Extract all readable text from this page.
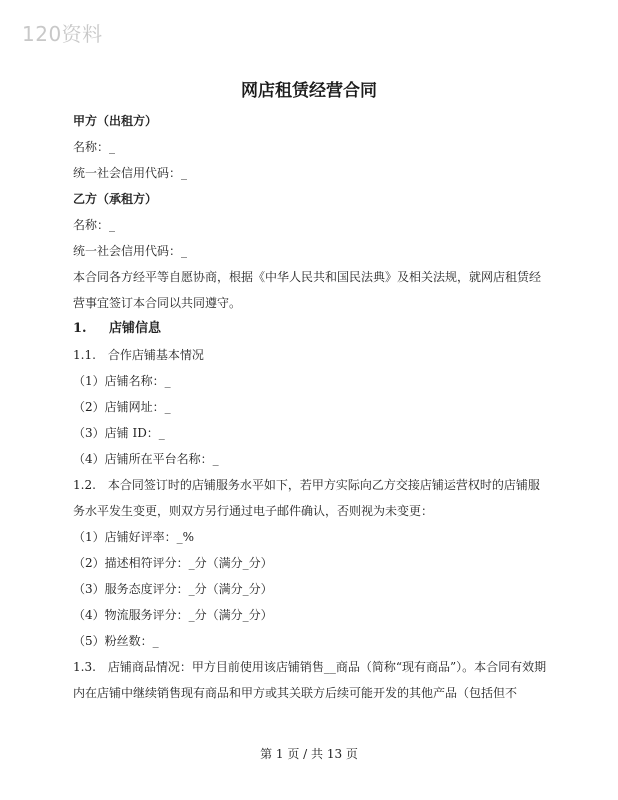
120资料
网店租赁经营合同

甲方（出租方）

名称：_

统一社会信用代码：_

乙方（承租方）

名称：_

统一社会信用代码：_

本合同各方经平等自愿协商，根据《中华人民共和国民法典》及相关法规，就网店租赁经营事宜签订本合同以共同遵守。

1. 店铺信息

1.1.　合作店铺基本情况

（1）店铺名称：_

（2）店铺网址：_

（3）店铺 ID：_

（4）店铺所在平台名称：_

1.2.　本合同签订时的店铺服务水平如下，若甲方实际向乙方交接店铺运营权时的店铺服务水平发生变更，则双方另行通过电子邮件确认，否则视为未变更：

（1）店铺好评率：_%

（2）描述相符评分：_分（满分_分）

（3）服务态度评分：_分（满分_分）

（4）物流服务评分：_分（满分_分）

（5）粉丝数：_

1.3.　店铺商品情况：甲方目前使用该店铺销售__商品（简称“现有商品”）。本合同有效期内在店铺中继续销售现有商品和甲方或其关联方后续可能开发的其他产品（包括但不

第 1 页 / 共 13 页
